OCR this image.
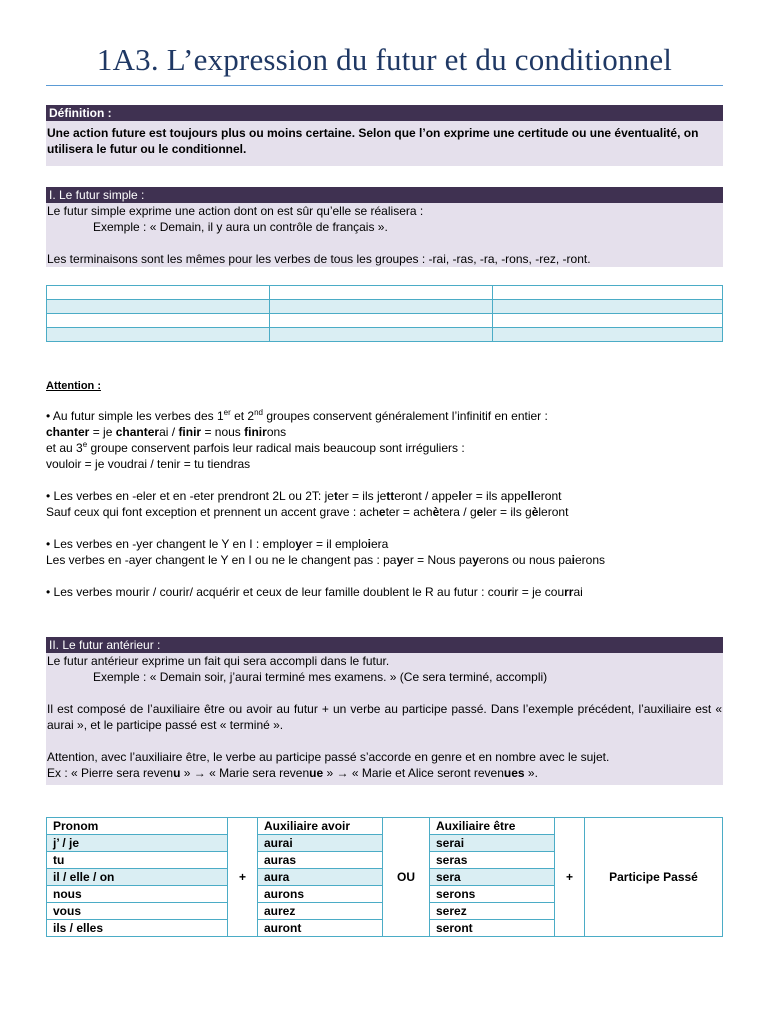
1A3. L’expression du futur et du conditionnel
Définition :
Une action future est toujours plus ou moins certaine. Selon que l’on exprime une certitude ou une éventualité, on utilisera le futur ou le conditionnel.
I. Le futur simple :
Le futur simple exprime une action dont on est sûr qu’elle se réalisera :
Exemple : « Demain, il y aura un contrôle de français ».
Les terminaisons sont les mêmes pour les verbes de tous les groupes : -rai, -ras, -ra, -rons, -rez, -ront.

Attention :
• Au futur simple les verbes des 1er et 2nd groupes conservent généralement l’infinitif en entier :
chanter = je chanterai / finir = nous finirons
et au 3e groupe conservent parfois leur radical mais beaucoup sont irréguliers :
vouloir = je voudrai / tenir = tu tiendras
• Les verbes en -eler et en -eter prendront 2L ou 2T: jeter = ils jetteront / appeler = ils appelleront
Sauf ceux qui font exception et prennent un accent grave : acheter = achètera / geler = ils gèleront
• Les verbes en -yer changent le Y en I : employer = il emploiera
Les verbes en -ayer changent le Y en I ou ne le changent pas : payer = Nous payerons ou nous paierons
• Les verbes mourir / courir/ acquérir et ceux de leur famille doublent le R au futur : courir = je courrai
II. Le futur antérieur :
Le futur antérieur exprime un fait qui sera accompli dans le futur.
Exemple : « Demain soir, j’aurai terminé mes examens. » (Ce sera terminé, accompli)
Il est composé de l’auxiliaire être ou avoir au futur + un verbe au participe passé. Dans l’exemple précédent, l’auxiliaire est « aurai », et le participe passé est « terminé ».
Attention, avec l’auxiliaire être, le verbe au participe passé s’accorde en genre et en nombre avec le sujet.
Ex : « Pierre sera revenu » → « Marie sera revenue » → « Marie et Alice seront revenues ».
Pronom	+	Auxiliaire avoir	OU	Auxiliaire être	+	Participe Passé
j’ / je		aurai		serai		
tu		auras		seras		
il / elle / on		aura		sera		
nous		aurons		serons		
vous		aurez		serez		
ils / elles		auront		seront		
